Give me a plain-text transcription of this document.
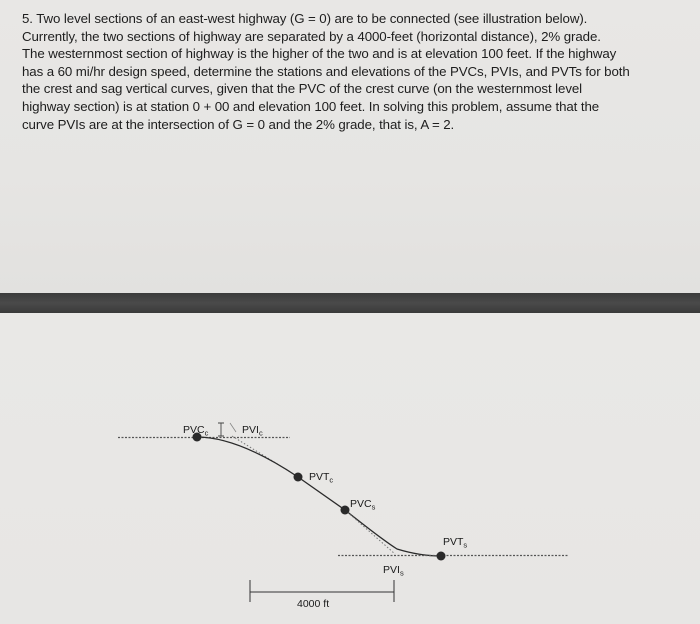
5. Two level sections of an east-west highway (G = 0) are to be connected (see illustration below).
Currently, the two sections of highway are separated by a 4000-feet (horizontal distance), 2% grade.
The westernmost section of highway is the higher of the two and is at elevation 100 feet. If the highway
has a 60 mi/hr design speed, determine the stations and elevations of the PVCs, PVIs, and PVTs for both
the crest and sag vertical curves, given that the PVC of the crest curve (on the westernmost level
highway section) is at station 0 + 00 and elevation 100 feet. In solving this problem, assume that the
curve PVIs are at the intersection of G = 0 and the 2% grade, that is, A = 2.
$PVC_c$	$PVI_c$
$PVT_c$
$PVC_s$
$PVT_s$
$PVI_s$
4000 ft
